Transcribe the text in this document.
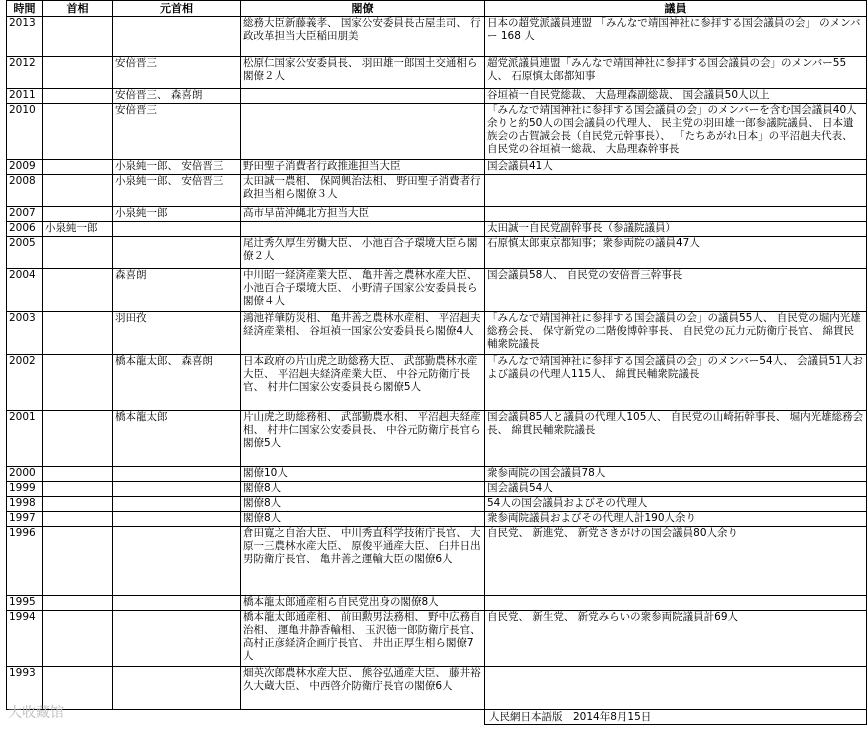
時間	首相	元首相	閣僚	議員
2013			総務大臣新藤義孝、 国家公安委員長古屋圭司、 行政改革担当大臣稲田朋美	日本の超党派議員連盟 「みんなで靖国神社に参拝する国会議員の会」 のメンバー 168 人
2012		安倍晋三	松原仁国家公安委員長、 羽田雄一郎国土交通相ら閣僚２人	超党派議員連盟「みんなで靖国神社に参拝する国会議員の会」のメンバー55人、 石原慎太郎都知事
2011		安倍晋三、 森喜朗		谷垣禎一自民党総裁、 大島理森副総裁、 国会議員50人以上
2010		安倍晋三		「みんなで靖国神社に参拝する国会議員の会」のメンバーを含む国会議員40人余りと約50人の国会議員の代理人、 民主党の羽田雄一郎参議院議員、 日本遺族会の古賀誠会長（自民党元幹事長）、 「たちあがれ日本」の平沼赳夫代表、 自民党の谷垣禎一総裁、 大島理森幹事長
2009		小泉純一郎、 安倍晋三	野田聖子消費者行政推進担当大臣	国会議員41人
2008		小泉純一郎、 安倍晋三	太田誠一農相、 保岡興治法相、 野田聖子消費者行政担当相ら閣僚３人	
2007		小泉純一郎	高市早苗沖縄北方担当大臣	
2006	小泉純一郎			太田誠一自民党副幹事長（参議院議員）
2005			尾辻秀久厚生労働大臣、 小池百合子環境大臣ら閣僚２人	石原慎太郎東京都知事；衆参両院の議員47人
2004		森喜朗	中川昭一経済産業大臣、 亀井善之農林水産大臣、 小池百合子環境大臣、 小野清子国家公安委員長ら閣僚４人	国会議員58人、 自民党の安倍晋三幹事長
2003		羽田孜	鴻池祥肇防災相、 亀井善之農林水産相、 平沼赳夫経済産業相、 谷垣禎一国家公安委員長ら閣僚4人	「みんなで靖国神社に参拝する国会議員の会」の議員55人、 自民党の堀内光雄総務会長、 保守新党の二階俊博幹事長、 自民党の瓦力元防衛庁長官、 綿貫民輔衆院議長
2002		橋本龍太郎、 森喜朗	日本政府の片山虎之助総務大臣、 武部勤農林水産大臣、 平沼赳夫経済産業大臣、 中谷元防衛庁長官、 村井仁国家公安委員長ら閣僚5人	「みんなで靖国神社に参拝する国会議員の会」のメンバー54人、 会議員51人および議員の代理人115人、 綿貫民輔衆院議長
2001		橋本龍太郎	片山虎之助総務相、 武部勤農水相、 平沼赳夫経産相、 村井仁国家公安委員長、 中谷元防衛庁長官ら閣僚5人	国会議員85人と議員の代理人105人、 自民党の山崎拓幹事長、 堀内光雄総務会長、 綿貫民輔衆院議長
2000			閣僚10人	衆参両院の国会議員78人
1999			閣僚8人	国会議員54人
1998			閣僚8人	54人の国会議員およびその代理人
1997			閣僚8人	衆参両院議員およびその代理人計190人余り
1996			倉田寛之自治大臣、 中川秀直科学技術庁長官、 大原一三農林水産大臣、 原俊平通産大臣、 臼井日出男防衛庁長官、 亀井善之運輸大臣の閣僚6人	自民党、 新進党、 新党さきがけの国会議員80人余り
1995			橋本龍太郎通産相ら自民党出身の閣僚8人	
1994			橋本龍太郎通産相、 前田勲男法務相、 野中広務自治相、 運亀井静香輸相、 玉沢徳一郎防衛庁長官、 高村正彦経済企画庁長官、 井出正厚生相ら閣僚7人	自民党、 新生党、 新党みらいの衆参両院議員計69人
1993			畑英次郎農林水産大臣、 熊谷弘通産大臣、 藤井裕久大蔵大臣、 中西啓介防衛庁長官の閣僚6人	
				人民網日本語版　2014年8月15日
大收藏馆
